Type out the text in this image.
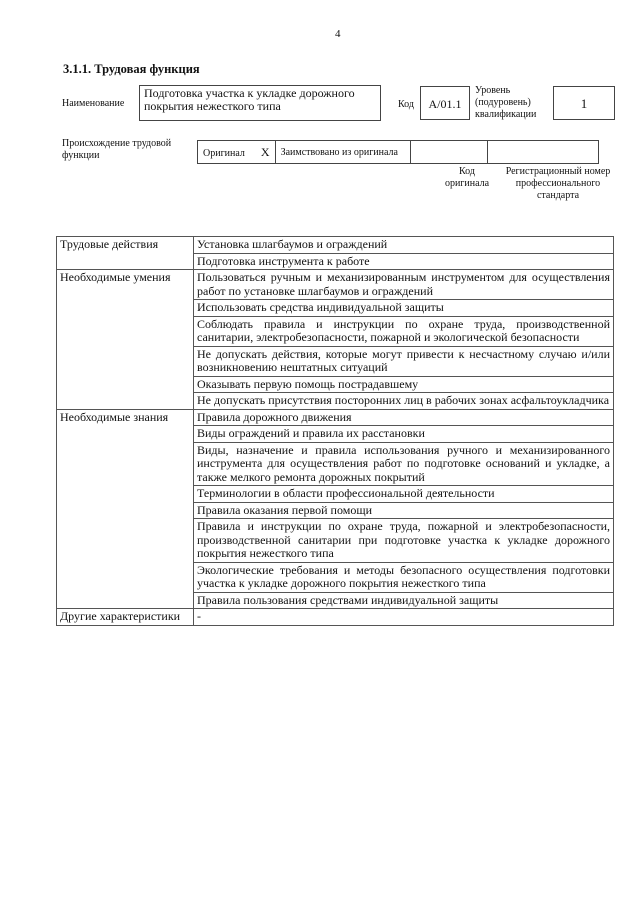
4
3.1.1. Трудовая функция
Наименование
Подготовка участка к укладке дорожного покрытия нежесткого типа	Код	А/01.1
Уровень (подуровень) квалификации
1
Происхождение трудовой функции	Оригинал X	Заимствовано из оригинала		
Код оригинала
Регистрационный номер профессионального стандарта
Трудовые действия	Установка шлагбаумов и ограждений
	Подготовка инструмента к работе
Необходимые умения	Пользоваться ручным и механизированным инструментом для осуществления работ по установке шлагбаумов и ограждений
	Использовать средства индивидуальной защиты
	Соблюдать правила и инструкции по охране труда, производственной санитарии, электробезопасности, пожарной и экологической безопасности
	Не допускать действия, которые могут привести к несчастному случаю и/или возникновению нештатных ситуаций
	Оказывать первую помощь пострадавшему
	Не допускать присутствия посторонних лиц в рабочих зонах асфальтоукладчика
Необходимые знания	Правила дорожного движения
	Виды ограждений и правила их расстановки
	Виды, назначение и правила использования ручного и механизированного инструмента для осуществления работ по подготовке оснований и укладке, а также мелкого ремонта дорожных покрытий
	Терминологии в области профессиональной деятельности
	Правила оказания первой помощи
	Правила и инструкции по охране труда, пожарной и электробезопасности, производственной санитарии при подготовке участка к укладке дорожного покрытия нежесткого типа
	Экологические требования и методы безопасного осуществления подготовки участка к укладке дорожного покрытия нежесткого типа
	Правила пользования средствами индивидуальной защиты
Другие характеристики	-
